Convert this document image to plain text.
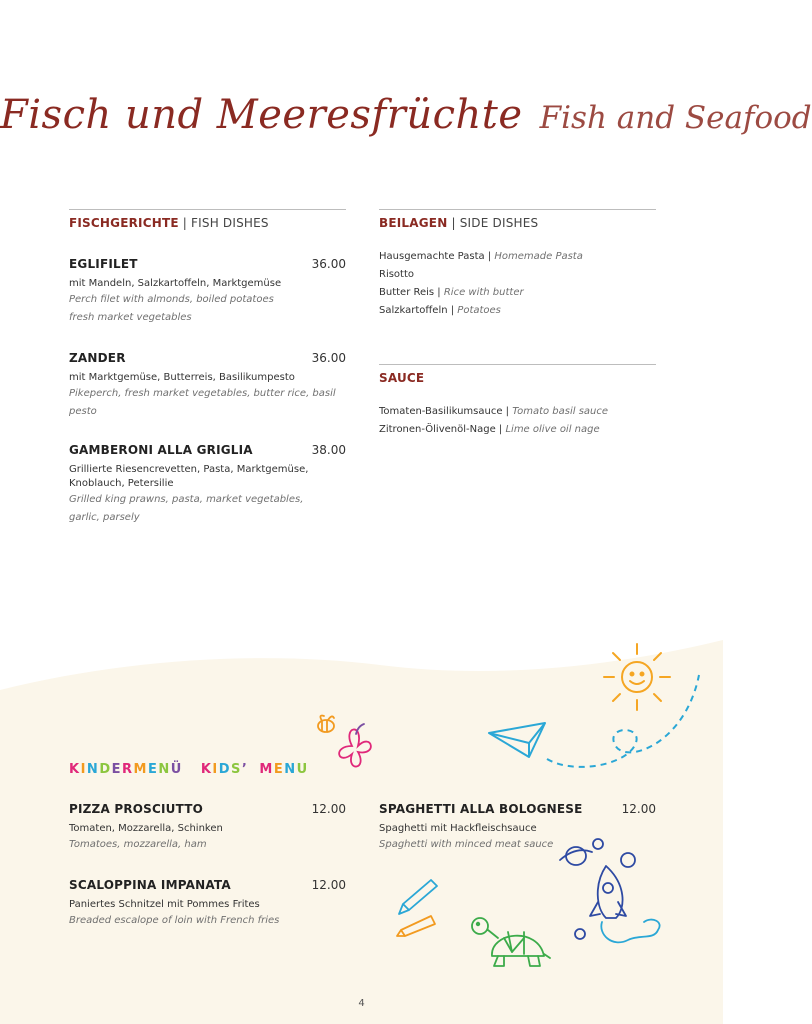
Fisch und Meeresfrüchte Fish and Seafood
FISCHGERICHTE | FISH DISHES
EGLIFILET	36.00
mit Mandeln, Salzkartoffeln, Marktgemüse
Perch filet with almonds, boiled potatoes
fresh market vegetables
ZANDER	36.00
mit Marktgemüse, Butterreis, Basilikumpesto
Pikeperch, fresh market vegetables, butter rice, basil pesto
GAMBERONI ALLA GRIGLIA	38.00
Grillierte Riesencrevetten, Pasta, Marktgemüse,
Knoblauch, Petersilie
Grilled king prawns, pasta, market vegetables,
garlic, parsely
BEILAGEN | SIDE DISHES
Hausgemachte Pasta | Homemade Pasta
Risotto
Butter Reis | Rice with butter
Salzkartoffeln | Potatoes
SAUCE
Tomaten-Basilikumsauce | Tomato basil sauce
Zitronen-Ölivenöl-Nage | Lime olive oil nage
KINDERMENÜ KIDS’ MENU
PIZZA PROSCIUTTO	12.00
Tomaten, Mozzarella, Schinken
Tomatoes, mozzarella, ham
SCALOPPINA IMPANATA	12.00
Paniertes Schnitzel mit Pommes Frites
Breaded escalope of loin with French fries
SPAGHETTI ALLA BOLOGNESE	12.00
Spaghetti mit Hackfleischsauce
Spaghetti with minced meat sauce
4
